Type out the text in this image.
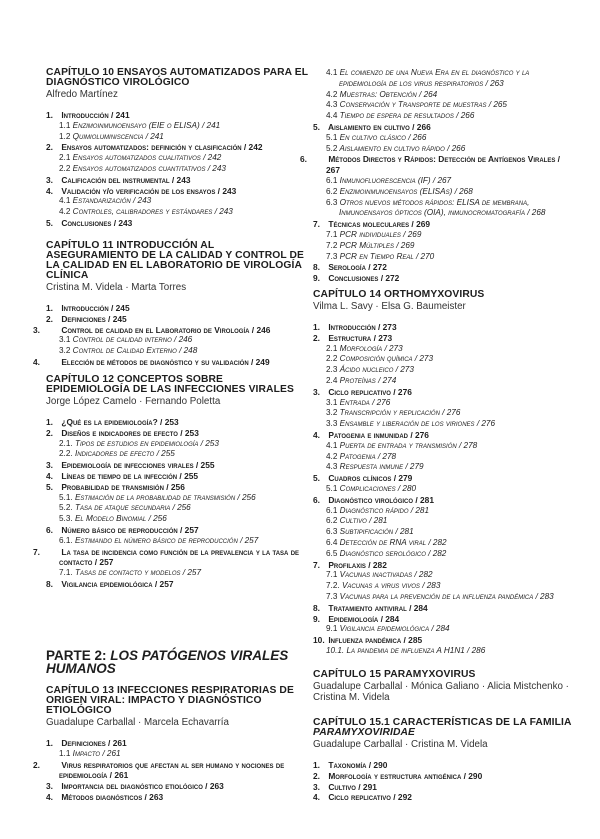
CAPÍTULO 10 ENSAYOS AUTOMATIZADOS PARA EL DIAGNÓSTICO VIROLÓGICO
Alfredo Martínez
1. Introducción / 241
1.1 Enzimoinmunoensayo (EIE o ELISA) / 241
1.2 Quimioluminiscencia / 241
2. Ensayos automatizados: definición y clasificación / 242
2.1 Ensayos automatizados cualitativos / 242
2.2 Ensayos automatizados cuantitativos / 243
3. Calificación del instrumental / 243
4. Validación y/o verificación de los ensayos / 243
4.1 Estandarización / 243
4.2 Controles, calibradores y estándares / 243
5. Conclusiones / 243
CAPÍTULO 11 INTRODUCCIÓN AL ASEGURAMIENTO DE LA CALIDAD Y CONTROL DE LA CALIDAD EN EL LABORATORIO DE VIROLOGÍA CLÍNICA
Cristina M. Videla · Marta Torres
1. Introducción / 245
2. Definiciones / 245
3.	Control de calidad en el Laboratorio de Virología / 246
3.1 Control de calidad interno / 246
3.2 Control de Calidad Externo / 248
4.	Elección de métodos de diagnóstico y su validación / 249
CAPÍTULO 12 CONCEPTOS SOBRE EPIDEMIOLOGÍA DE LAS INFECCIONES VIRALES
Jorge López Camelo · Fernando Poletta
1. ¿Qué es la epidemiología? / 253
2. Diseños e indicadores de efecto / 253
2.1. Tipos de estudios en epidemiología / 253
2.2. Indicadores de efecto / 255
3. Epidemiología de infecciones virales / 255
4. Líneas de tiempo de la infección / 255
5. Probabilidad de transmisión / 256
5.1. Estimación de la probabilidad de transmisión / 256
5.2. Tasa de ataque secundaria / 256
5.3. El Modelo Binomial / 256
6. Número básico de reproducción / 257
6.1. Estimando el número básico de reproducción / 257
7.	La tasa de incidencia como función de la prevalencia y la tasa de contacto / 257
7.1. Tasas de contacto y modelos / 257
8. Vigilancia epidemiológica / 257
PARTE 2: LOS PATÓGENOS VIRALES HUMANOS
CAPÍTULO 13 INFECCIONES RESPIRATORIAS DE ORIGEN VIRAL: IMPACTO Y DIAGNÓSTICO ETIOLÓGICO
Guadalupe Carballal · Marcela Echavarría
1. Definiciones / 261
1.1 Impacto / 261
2.	Virus respiratorios que afectan al ser humano y nociones de epidemiología / 261
3. Importancia del diagnóstico etiológico / 263
4. Métodos diagnósticos / 263
4.1 El comienzo de una Nueva Era en el diagnóstico y la epidemiología de los virus respiratorios / 263
4.2 Muestras: Obtención / 264
4.3 Conservación y Transporte de muestras / 265
4.4 Tiempo de espera de resultados / 266
5. Aislamiento en cultivo / 266
5.1 En cultivo clásico / 266
5.2 Aislamiento en cultivo rápido / 266
6.	Métodos Directos y Rápidos: Detección de Antígenos Virales / 267
6.1 Inmunofluorescencia (IF) / 267
6.2 Enzimoinmunoensayos (ELISAs) / 268
6.3 Otros nuevos métodos rápidos: ELISA de membrana, Inmunoensayos ópticos (OIA), inmunocromatografía / 268
7. Técnicas moleculares / 269
7.1 PCR individuales / 269
7.2 PCR Múltiples / 269
7.3 PCR en Tiempo Real / 270
8. Serología / 272
9. Conclusiones / 272
CAPÍTULO 14 ORTHOMYXOVIRUS
Vilma L. Savy · Elsa G. Baumeister
1. Introducción / 273
2. Estructura / 273
2.1 Morfología / 273
2.2 Composición química / 273
2.3 Ácido nucleico / 273
2.4 Proteínas / 274
3. Ciclo replicativo / 276
3.1 Entrada / 276
3.2 Transcripción y replicación / 276
3.3 Ensamble y liberación de los viriones / 276
4. Patogenia e inmunidad / 276
4.1 Puerta de entrada y transmisión / 278
4.2 Patogenia / 278
4.3 Respuesta inmune / 279
5. Cuadros clínicos / 279
5.1 Complicaciones / 280
6. Diagnóstico virológico / 281
6.1 Diagnóstico rápido / 281
6.2 Cultivo / 281
6.3 Subtipificación / 281
6.4 Detección de RNA viral / 282
6.5 Diagnóstico serológico / 282
7. Profilaxis / 282
7.1 Vacunas inactivadas / 282
7.2. Vacunas a virus vivos / 283
7.3 Vacunas para la prevención de la influenza pandémica / 283
8. Tratamiento antiviral / 284
9. Epidemiología / 284
9.1 Vigilancia epidemiológica / 284
10. Influenza pandémica / 285
10.1. La pandemia de influenza A H1N1 / 286
CAPÍTULO 15 PARAMYXOVIRUS
Guadalupe Carballal · Mónica Galiano · Alicia Mistchenko · Cristina M. Videla
CAPÍTULO 15.1 CARACTERÍSTICAS DE LA FAMILIA PARAMYXOVIRIDAE
Guadalupe Carballal · Cristina M. Videla
1. Taxonomía / 290
2. Morfología y estructura antigénica / 290
3. Cultivo / 291
4. Ciclo replicativo / 292
